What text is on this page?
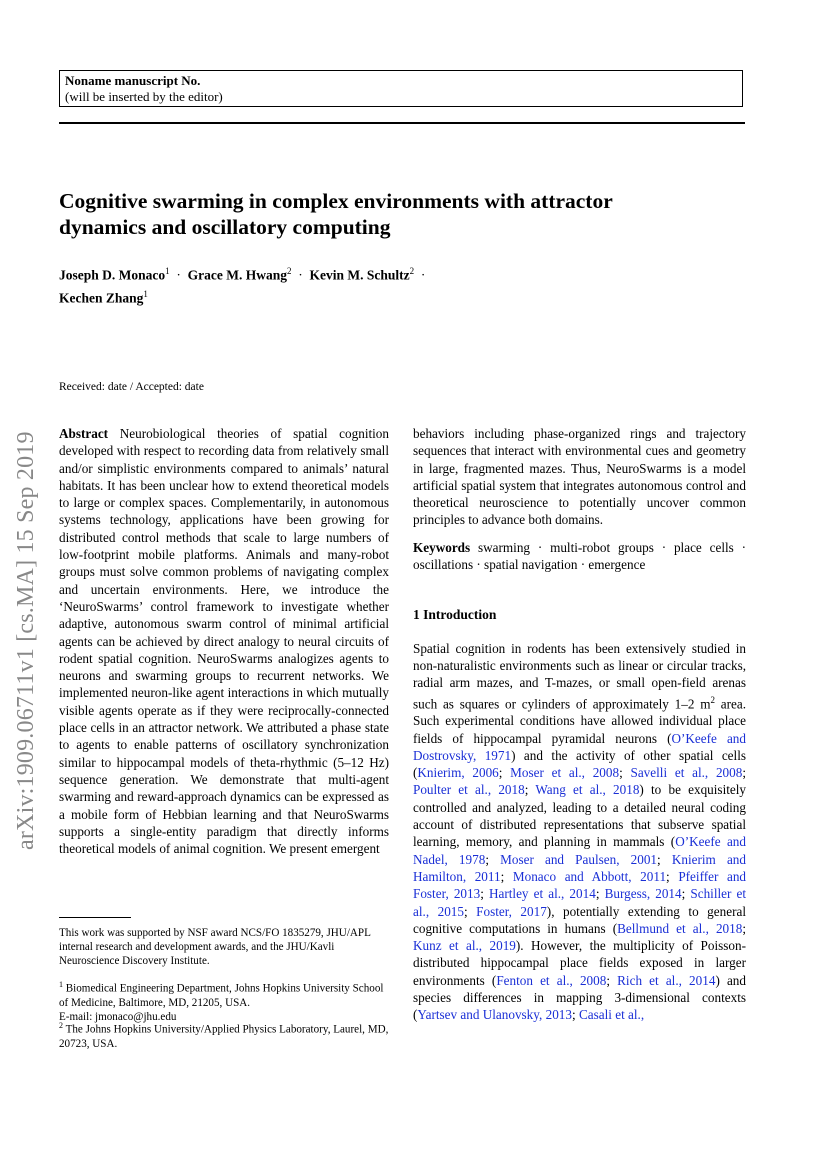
Noname manuscript No.
(will be inserted by the editor)
Cognitive swarming in complex environments with attractor
dynamics and oscillatory computing
Joseph D. Monaco$^1$ · Grace M. Hwang$^2$ · Kevin M. Schultz$^2$ ·
Kechen Zhang$^1$
arXiv:1909.06711v1 [cs.MA] 15 Sep 2019
Received: date / Accepted: date

Abstract Neurobiological theories of spatial cognition developed with respect to recording data from relatively small and/or simplistic environments compared to animals’ natural habitats. It has been unclear how to extend theoretical models to large or complex spaces. Complementarily, in autonomous systems technology, applications have been growing for distributed control methods that scale to large numbers of low-footprint mobile platforms. Animals and many-robot groups must solve common problems of navigating complex and uncertain environments. Here, we introduce the ‘NeuroSwarms’ control framework to investigate whether adaptive, autonomous swarm control of minimal artificial agents can be achieved by direct analogy to neural circuits of rodent spatial cognition. NeuroSwarms analogizes agents to neurons and swarming groups to recurrent networks. We implemented neuron-like agent interactions in which mutually visible agents operate as if they were reciprocally-connected place cells in an attractor network. We attributed a phase state to agents to enable patterns of oscillatory synchronization similar to hippocampal models of theta-rhythmic (5–12 Hz) sequence generation. We demonstrate that multi-agent swarming and reward-approach dynamics can be expressed as a mobile form of Hebbian learning and that NeuroSwarms supports a single-entity paradigm that directly informs theoretical models of animal cognition. We present emergent

This work was supported by NSF award NCS/FO 1835279, JHU/APL internal research and development awards, and the JHU/Kavli Neuroscience Discovery Institute.
$^1$ Biomedical Engineering Department, Johns Hopkins University School of Medicine, Baltimore, MD, 21205, USA.
E-mail: jmonaco@jhu.edu
$^2$ The Johns Hopkins University/Applied Physics Laboratory, Laurel, MD, 20723, USA.

behaviors including phase-organized rings and trajectory sequences that interact with environmental cues and geometry in large, fragmented mazes. Thus, NeuroSwarms is a model artificial spatial system that integrates autonomous control and theoretical neuroscience to potentially uncover common principles to advance both domains.

Keywords swarming · multi-robot groups · place cells · oscillations · spatial navigation · emergence

1 Introduction

Spatial cognition in rodents has been extensively studied in non-naturalistic environments such as linear or circular tracks, radial arm mazes, and T-mazes, or small open-field arenas such as squares or cylinders of approximately 1–2 $m^2$ area. Such experimental conditions have allowed individual place fields of hippocampal pyramidal neurons (O’Keefe and Dostrovsky, 1971) and the activity of other spatial cells (Knierim, 2006; Moser et al., 2008; Savelli et al., 2008; Poulter et al., 2018; Wang et al., 2018) to be exquisitely controlled and analyzed, leading to a detailed neural coding account of distributed representations that subserve spatial learning, memory, and planning in mammals (O’Keefe and Nadel, 1978; Moser and Paulsen, 2001; Knierim and Hamilton, 2011; Monaco and Abbott, 2011; Pfeiffer and Foster, 2013; Hartley et al., 2014; Burgess, 2014; Schiller et al., 2015; Foster, 2017), potentially extending to general cognitive computations in humans (Bellmund et al., 2018; Kunz et al., 2019). However, the multiplicity of Poisson-distributed hippocampal place fields exposed in larger environments (Fenton et al., 2008; Rich et al., 2014) and species differences in mapping 3-dimensional contexts (Yartsev and Ulanovsky, 2013; Casali et al.,
